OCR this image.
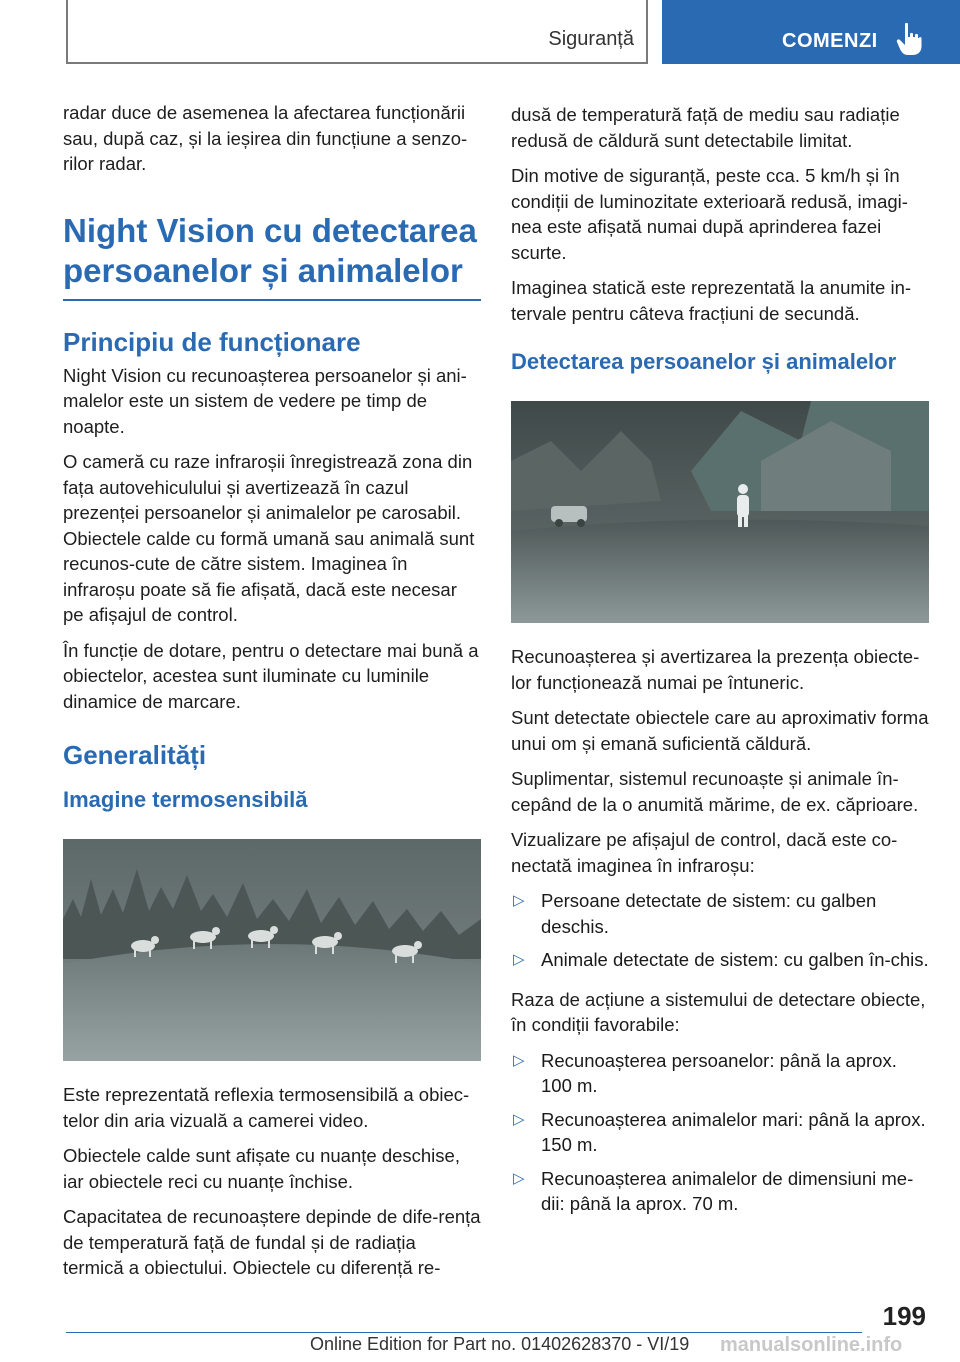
Siguranță	COMENZI

radar duce de asemenea la afectarea funcționării sau, după caz, și la ieșirea din funcțiune a senzo-rilor radar.

Night Vision cu detectarea persoanelor și animalelor
Principiu de funcționare

Night Vision cu recunoașterea persoanelor și ani-malelor este un sistem de vedere pe timp de noapte.

O cameră cu raze infraroșii înregistrează zona din fața autovehiculului și avertizează în cazul prezenței persoanelor și animalelor pe carosabil. Obiectele calde cu formă umană sau animală sunt recunos-cute de către sistem. Imaginea în infraroșu poate să fie afișată, dacă este necesar pe afișajul de control.

În funcție de dotare, pentru o detectare mai bună a obiectelor, acestea sunt iluminate cu luminile dinamice de marcare.

Generalități
Imagine termosensibilă

Este reprezentată reflexia termosensibilă a obiec-telor din aria vizuală a camerei video.

Obiectele calde sunt afișate cu nuanțe deschise, iar obiectele reci cu nuanțe închise.

Capacitatea de recunoaștere depinde de dife-rența de temperatură față de fundal și de radiația termică a obiectului. Obiectele cu diferență re-

dusă de temperatură față de mediu sau radiație redusă de căldură sunt detectabile limitat.

Din motive de siguranță, peste cca. 5 km/h și în condiții de luminozitate exterioară redusă, imagi-nea este afișată numai după aprinderea fazei scurte.

Imaginea statică este reprezentată la anumite in-tervale pentru câteva fracțiuni de secundă.

Detectarea persoanelor și animalelor

Recunoașterea și avertizarea la prezența obiecte-lor funcționează numai pe întuneric.

Sunt detectate obiectele care au aproximativ forma unui om și emană suficientă căldură.

Suplimentar, sistemul recunoaște și animale în-cepând de la o anumită mărime, de ex. căprioare.

Vizualizare pe afișajul de control, dacă este co-nectată imaginea în infraroșu:

▷ Persoane detectate de sistem: cu galben deschis.
▷ Animale detectate de sistem: cu galben în-chis.

Raza de acțiune a sistemului de detectare obiecte, în condiții favorabile:

▷ Recunoașterea persoanelor: până la aprox. 100 m.
▷ Recunoașterea animalelor mari: până la aprox. 150 m.
▷ Recunoașterea animalelor de dimensiuni me-dii: până la aprox. 70 m.
199
Online Edition for Part no. 01402628370 - VI/19 manualsonline.info
